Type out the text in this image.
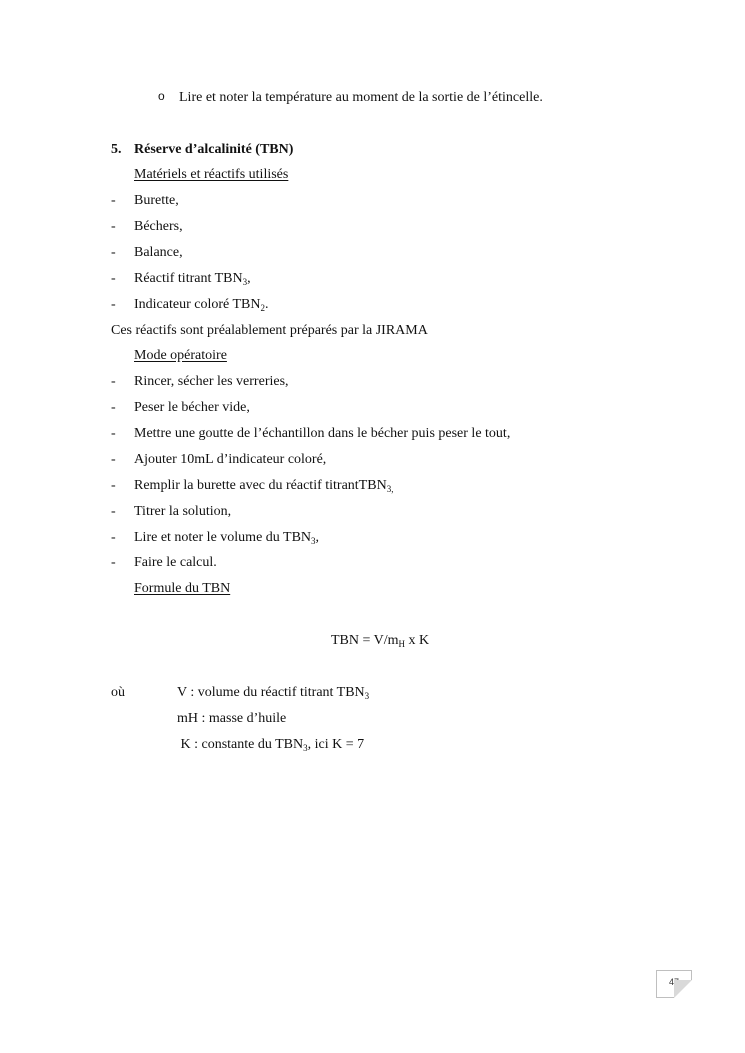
o Lire et noter la température au moment de la sortie de l’étincelle.
5. Réserve d’alcalinité (TBN)
Matériels et réactifs utilisés
- Burette,
- Béchers,
- Balance,
- Réactif titrant $TBN_3$,
- Indicateur coloré $TBN_2$.
Ces réactifs sont préalablement préparés par la JIRAMA
Mode opératoire
- Rincer, sécher les verreries,
- Peser le bécher vide,
- Mettre une goutte de l’échantillon dans le bécher puis peser le tout,
- Ajouter 10mL d’indicateur coloré,
- Remplir la burette avec du réactif titrantTBN$_{3,}$
- Titrer la solution,
- Lire et noter le volume du $TBN_3$,
- Faire le calcul.
Formule du TBN
TBN = $V/m_H$ x K
où	V : volume du réactif titrant $TBN_3$
mH : masse d’huile
K : constante du $TBN_3$, ici K = 7
47
